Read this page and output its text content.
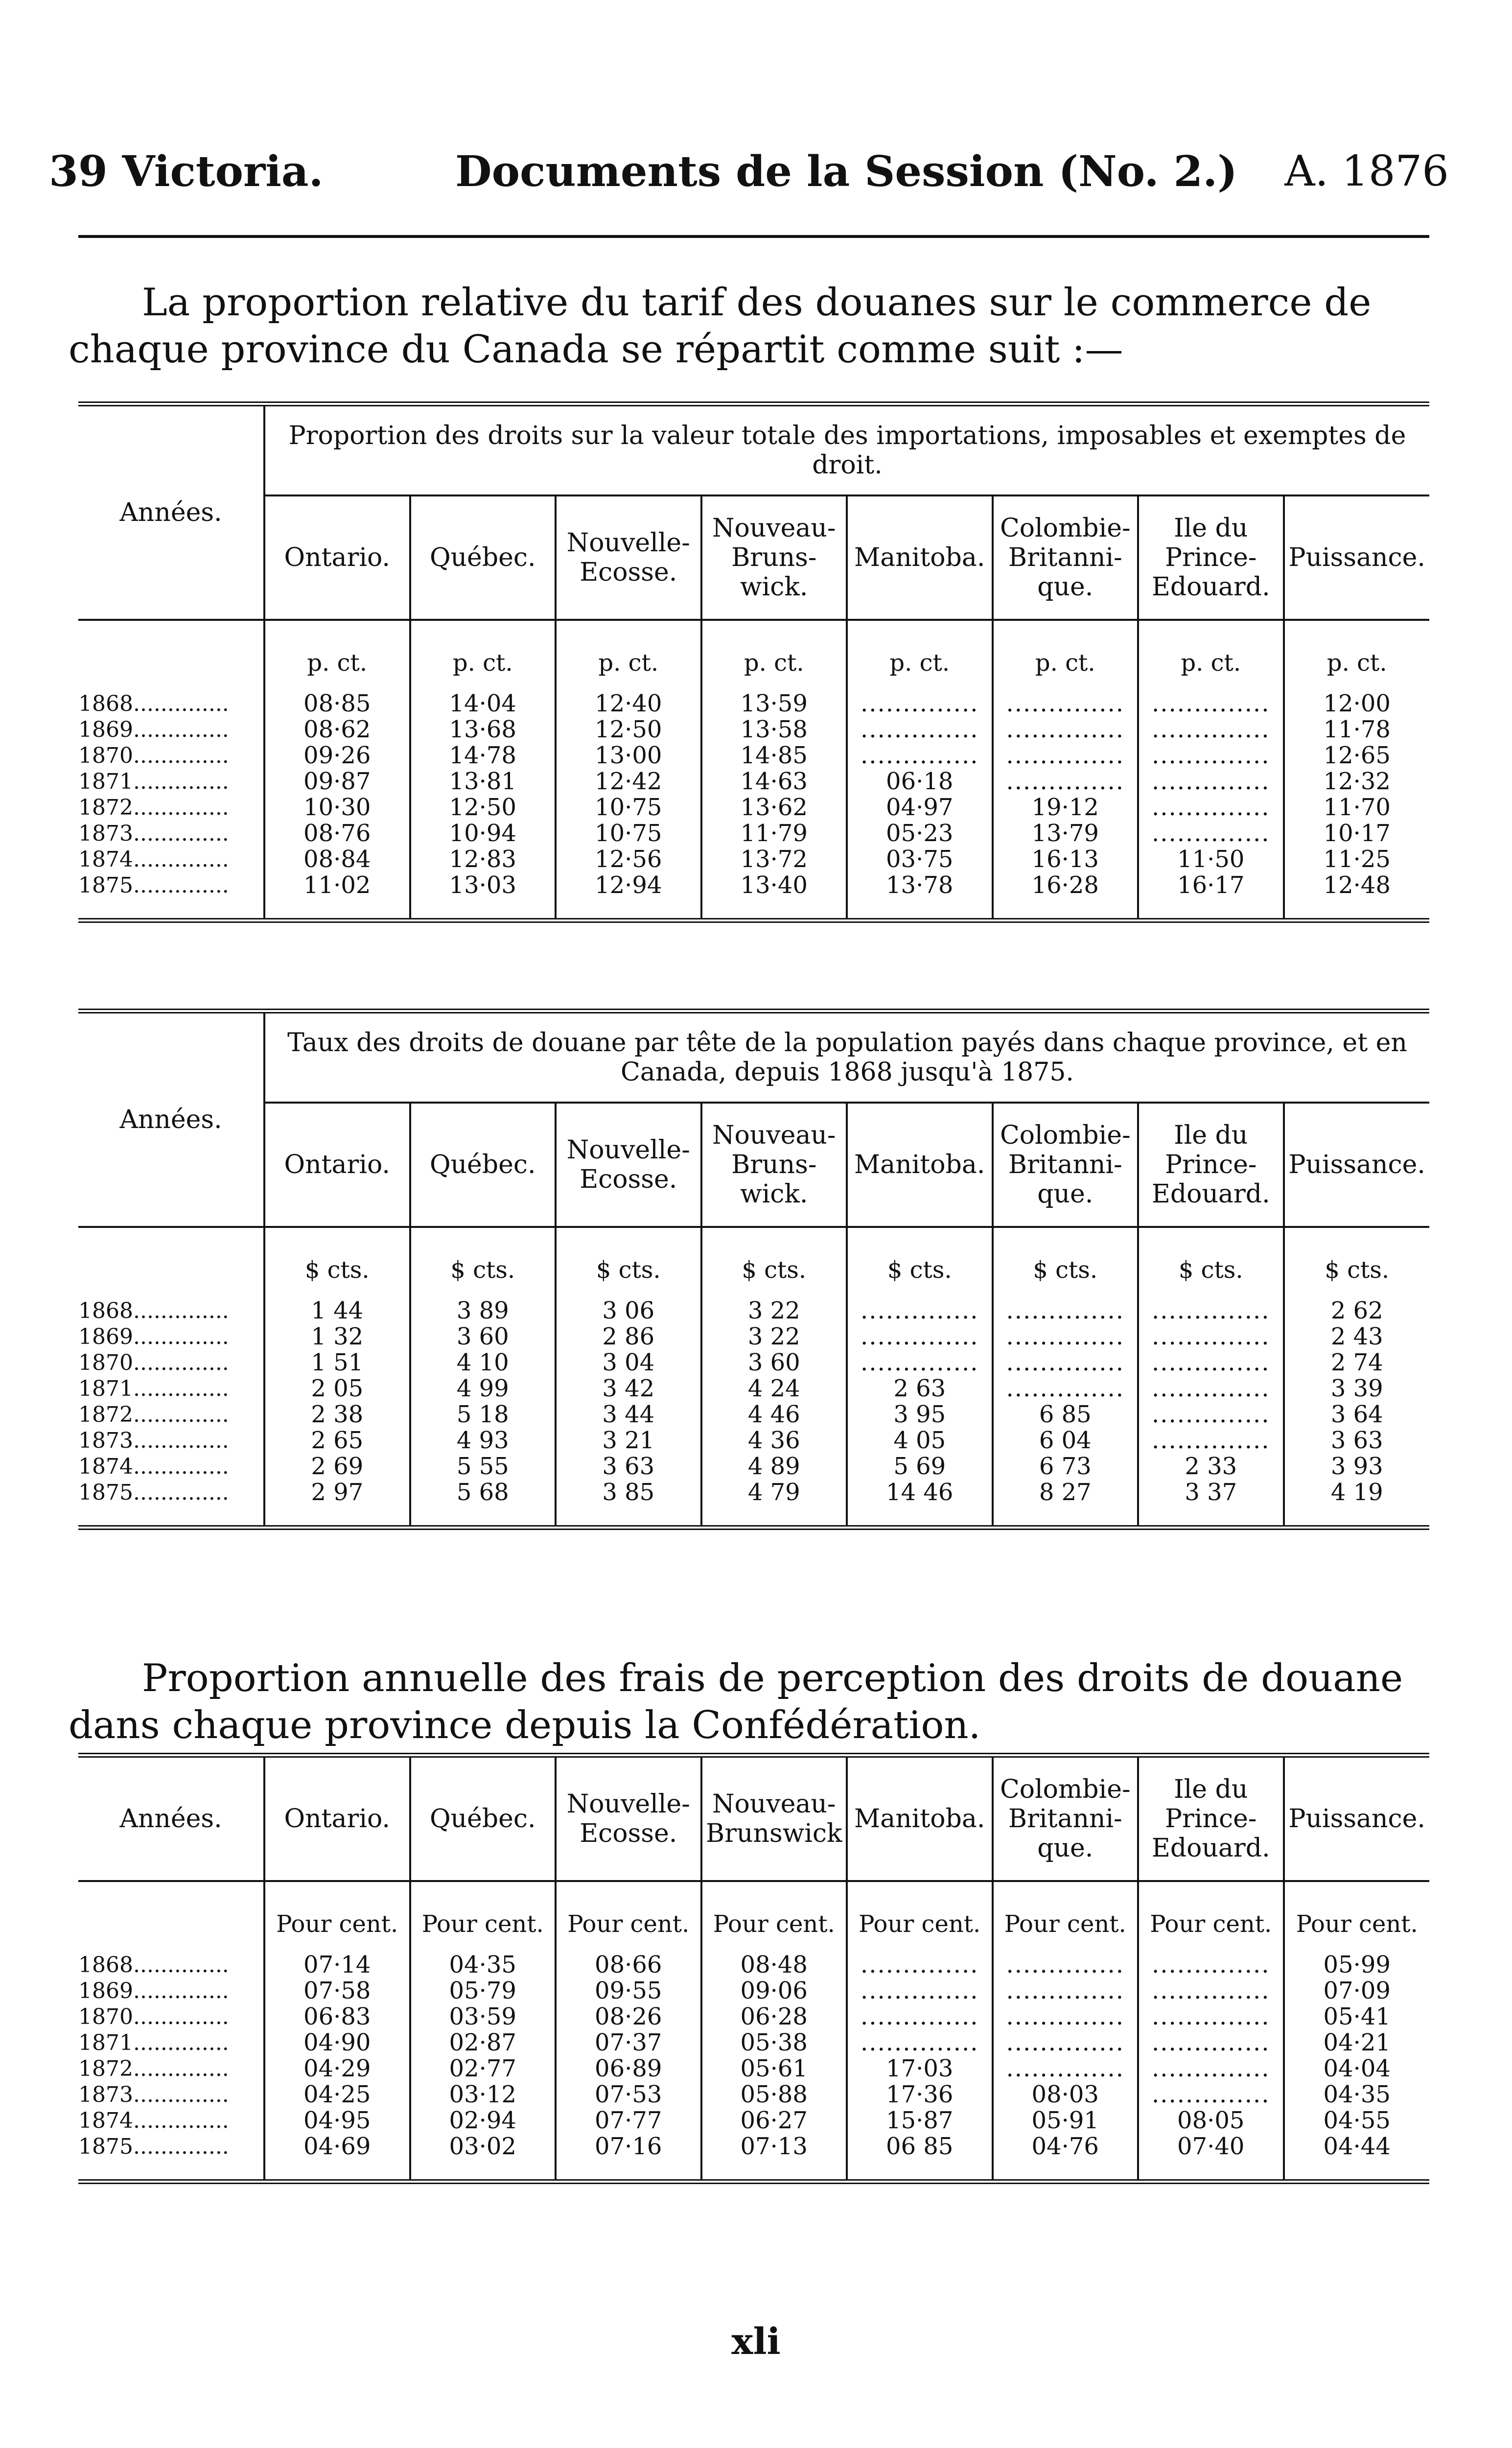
39 Victoria.	Documents de la Session (No. 2.) A. 1876

La proportion relative du tarif des douanes sur le commerce de chaque province du Canada se répartit comme suit :—

Années.	Proportion des droits sur la valeur totale des importations, imposables et exemptes de droit.							
	Ontario.	Québec.	Nouvelle-Ecosse.	Nouveau-Bruns-wick.	Manitoba.	Colombie-Britanni-que.	Ile du Prince-Edouard.	Puissance.
	p. ct.	p. ct.	p. ct.	p. ct.	p. ct.	p. ct.	p. ct.	p. ct.
1868..............	08·85	14·04	12·40	13·59	..............	..............	..............	12·00
1869..............	08·62	13·68	12·50	13·58	..............	..............	..............	11·78
1870..............	09·26	14·78	13·00	14·85	..............	..............	..............	12·65
1871..............	09·87	13·81	12·42	14·63	06·18	..............	..............	12·32
1872..............	10·30	12·50	10·75	13·62	04·97	19·12	..............	11·70
1873..............	08·76	10·94	10·75	11·79	05·23	13·79	..............	10·17
1874..............	08·84	12·83	12·56	13·72	03·75	16·13	11·50	11·25
1875..............	11·02	13·03	12·94	13·40	13·78	16·28	16·17	12·48
Années.	Taux des droits de douane par tête de la population payés dans chaque province, et en Canada, depuis 1868 jusqu'à 1875.							
	Ontario.	Québec.	Nouvelle-Ecosse.	Nouveau-Bruns-wick.	Manitoba.	Colombie-Britanni-que.	Ile du Prince-Edouard.	Puissance.
	$ cts.	$ cts.	$ cts.	$ cts.	$ cts.	$ cts.	$ cts.	$ cts.
1868..............	1 44	3 89	3 06	3 22	..............	..............	..............	2 62
1869..............	1 32	3 60	2 86	3 22	..............	..............	..............	2 43
1870..............	1 51	4 10	3 04	3 60	..............	..............	..............	2 74
1871..............	2 05	4 99	3 42	4 24	2 63	..............	..............	3 39
1872..............	2 38	5 18	3 44	4 46	3 95	6 85	..............	3 64
1873..............	2 65	4 93	3 21	4 36	4 05	6 04	..............	3 63
1874..............	2 69	5 55	3 63	4 89	5 69	6 73	2 33	3 93
1875..............	2 97	5 68	3 85	4 79	14 46	8 27	3 37	4 19

Proportion annuelle des frais de perception des droits de douane dans chaque province depuis la Confédération.

Années.	Ontario.	Québec.	Nouvelle-Ecosse.	Nouveau-Brunswick	Manitoba.	Colombie-Britanni-que.	Ile du Prince-Edouard.	Puissance.
	Pour cent.	Pour cent.	Pour cent.	Pour cent.	Pour cent.	Pour cent.	Pour cent.	Pour cent.
1868..............	07·14	04·35	08·66	08·48	..............	..............	..............	05·99
1869..............	07·58	05·79	09·55	09·06	..............	..............	..............	07·09
1870..............	06·83	03·59	08·26	06·28	..............	..............	..............	05·41
1871..............	04·90	02·87	07·37	05·38	..............	..............	..............	04·21
1872..............	04·29	02·77	06·89	05·61	17·03	..............	..............	04·04
1873..............	04·25	03·12	07·53	05·88	17·36	08·03	..............	04·35
1874..............	04·95	02·94	07·77	06·27	15·87	05·91	08·05	04·55
1875..............	04·69	03·02	07·16	07·13	06 85	04·76	07·40	04·44
xli
